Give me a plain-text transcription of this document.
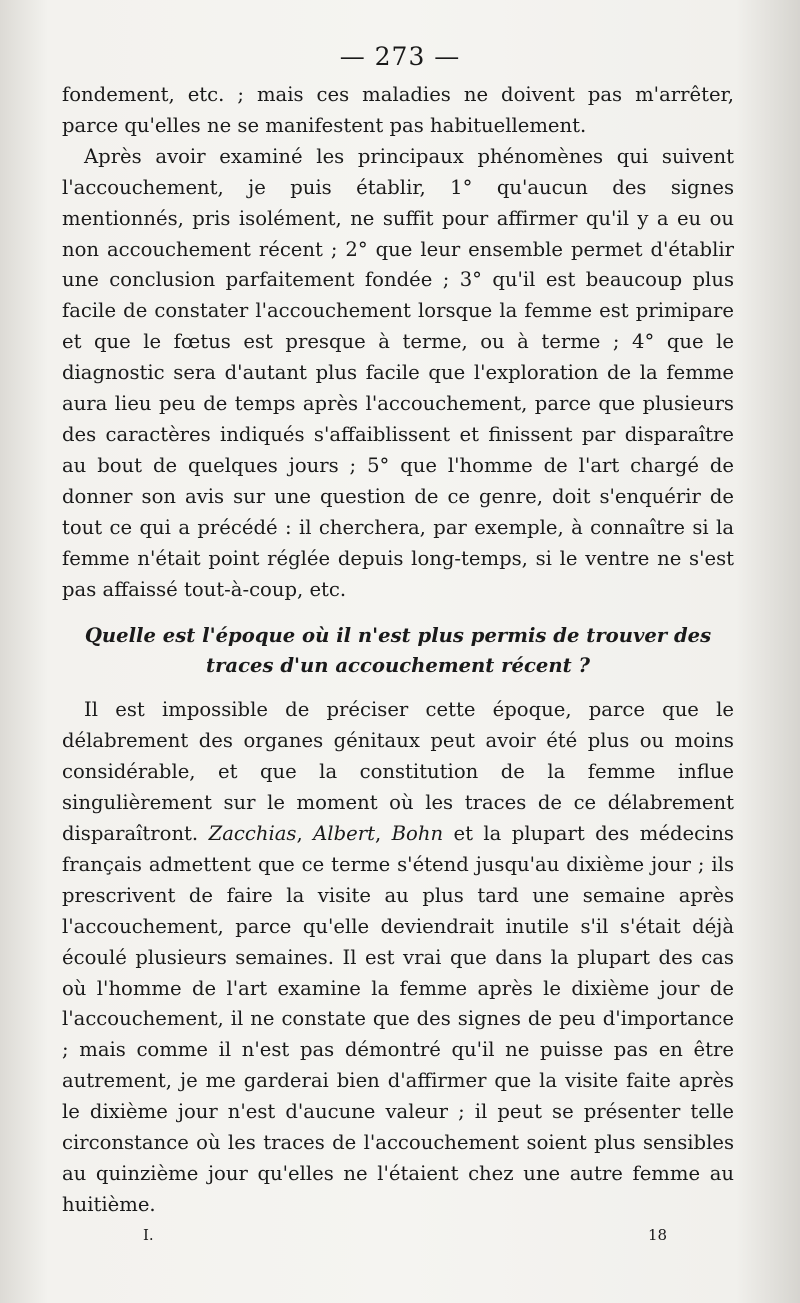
— 273 —

fondement, etc. ; mais ces maladies ne doivent pas m'arrêter, parce qu'elles ne se manifestent pas habituellement.

Après avoir examiné les principaux phénomènes qui suivent l'accouchement, je puis établir, 1° qu'aucun des signes mentionnés, pris isolément, ne suffit pour affirmer qu'il y a eu ou non accouchement récent ; 2° que leur ensemble permet d'établir une conclusion parfaitement fondée ; 3° qu'il est beaucoup plus facile de constater l'accouchement lorsque la femme est primipare et que le fœtus est presque à terme, ou à terme ; 4° que le diagnostic sera d'autant plus facile que l'exploration de la femme aura lieu peu de temps après l'accouchement, parce que plusieurs des caractères indiqués s'affaiblissent et finissent par disparaître au bout de quelques jours ; 5° que l'homme de l'art chargé de donner son avis sur une question de ce genre, doit s'enquérir de tout ce qui a précédé : il cherchera, par exemple, à connaître si la femme n'était point réglée depuis long-temps, si le ventre ne s'est pas affaissé tout-à-coup, etc.

Quelle est l'époque où il n'est plus permis de trouver des
traces d'un accouchement récent ?

Il est impossible de préciser cette époque, parce que le délabrement des organes génitaux peut avoir été plus ou moins considérable, et que la constitution de la femme influe singulièrement sur le moment où les traces de ce délabrement disparaîtront. Zacchias, Albert, Bohn et la plupart des médecins français admettent que ce terme s'étend jusqu'au dixième jour ; ils prescrivent de faire la visite au plus tard une semaine après l'accouchement, parce qu'elle deviendrait inutile s'il s'était déjà écoulé plusieurs semaines. Il est vrai que dans la plupart des cas où l'homme de l'art examine la femme après le dixième jour de l'accouchement, il ne constate que des signes de peu d'importance ; mais comme il n'est pas démontré qu'il ne puisse pas en être autrement, je me garderai bien d'affirmer que la visite faite après le dixième jour n'est d'aucune valeur ; il peut se présenter telle circonstance où les traces de l'accouchement soient plus sensibles au quinzième jour qu'elles ne l'étaient chez une autre femme au huitième.

I.	18
